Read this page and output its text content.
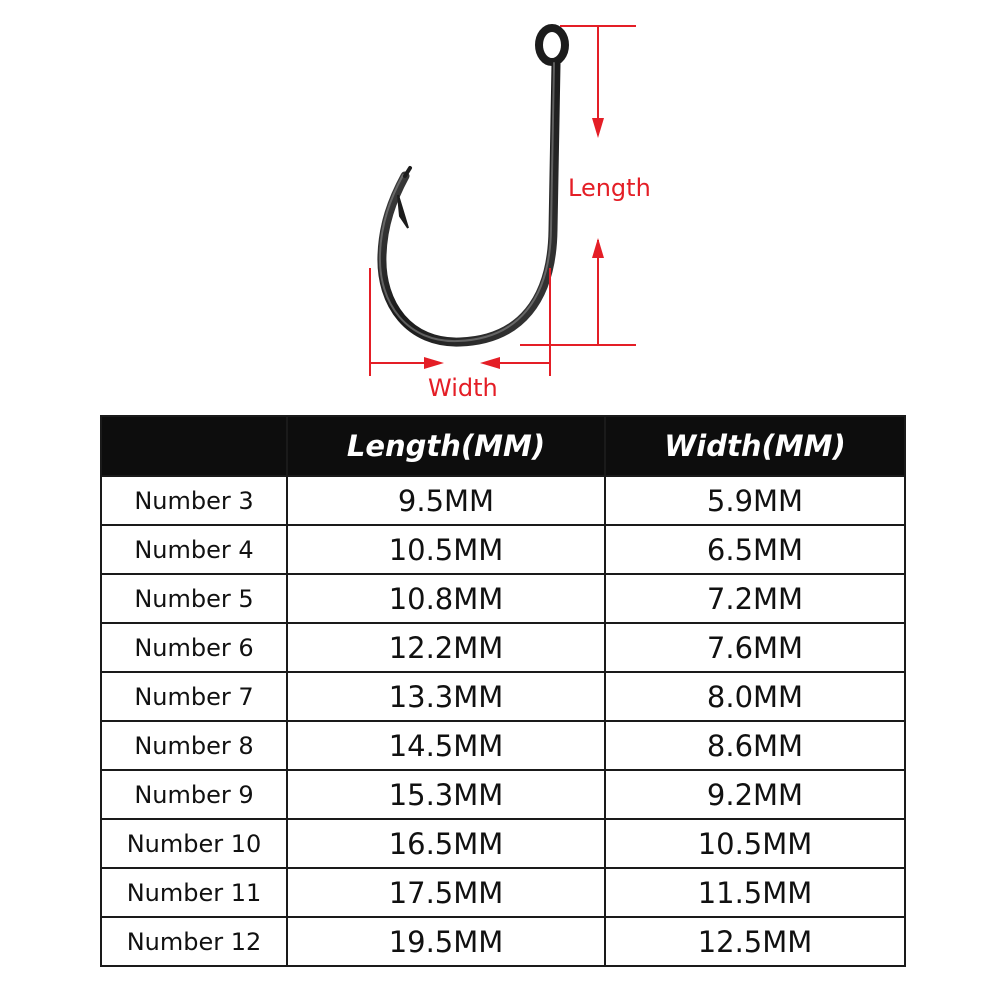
Length
Width
	Length(MM)	Width(MM)
Number 3	9.5MM	5.9MM
Number 4	10.5MM	6.5MM
Number 5	10.8MM	7.2MM
Number 6	12.2MM	7.6MM
Number 7	13.3MM	8.0MM
Number 8	14.5MM	8.6MM
Number 9	15.3MM	9.2MM
Number 10	16.5MM	10.5MM
Number 11	17.5MM	11.5MM
Number 12	19.5MM	12.5MM
